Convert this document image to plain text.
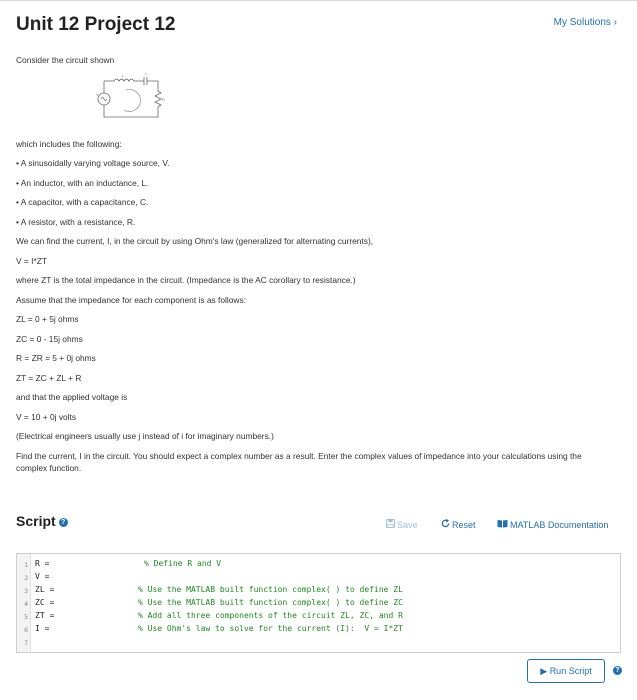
Unit 12 Project 12	My Solutions ›

Consider the circuit shown

L	C
R
V

which includes the following:

• A sinusoidally varying voltage source, V.

• An inductor, with an inductance, L.

• A capacitor, with a capacitance, C.

• A resistor, with a resistance, R.

We can find the current, I, in the circuit by using Ohm's law (generalized for alternating currents),

V = I*ZT

where ZT is the total impedance in the circuit. (Impedance is the AC corollary to resistance.)

Assume that the impedance for each component is as follows:

ZL = 0 + 5j ohms

ZC = 0 - 15j ohms

R = ZR = 5 + 0j ohms

ZT = ZC + ZL + R

and that the applied voltage is

V = 10 + 0j volts

(Electrical engineers usually use j instead of i for imaginary numbers.)

Find the current, I in the circuit. You should expect a complex number as a result. Enter the complex values of impedance into your calculations using the complex function.

Script ?	Save	Reset	MATLAB Documentation
1
2
3
4
5
6
7
R =
V =
ZL =
ZC =
ZT =
I =
% Define R and V
% Use the MATLAB built function complex( ) to define ZL
% Use the MATLAB built function complex( ) to define ZC
% Add all three components of the circuit ZL, ZC, and R
% Use Ohm's law to solve for the current (I):  V = I*ZT
▶ Run Script	?
